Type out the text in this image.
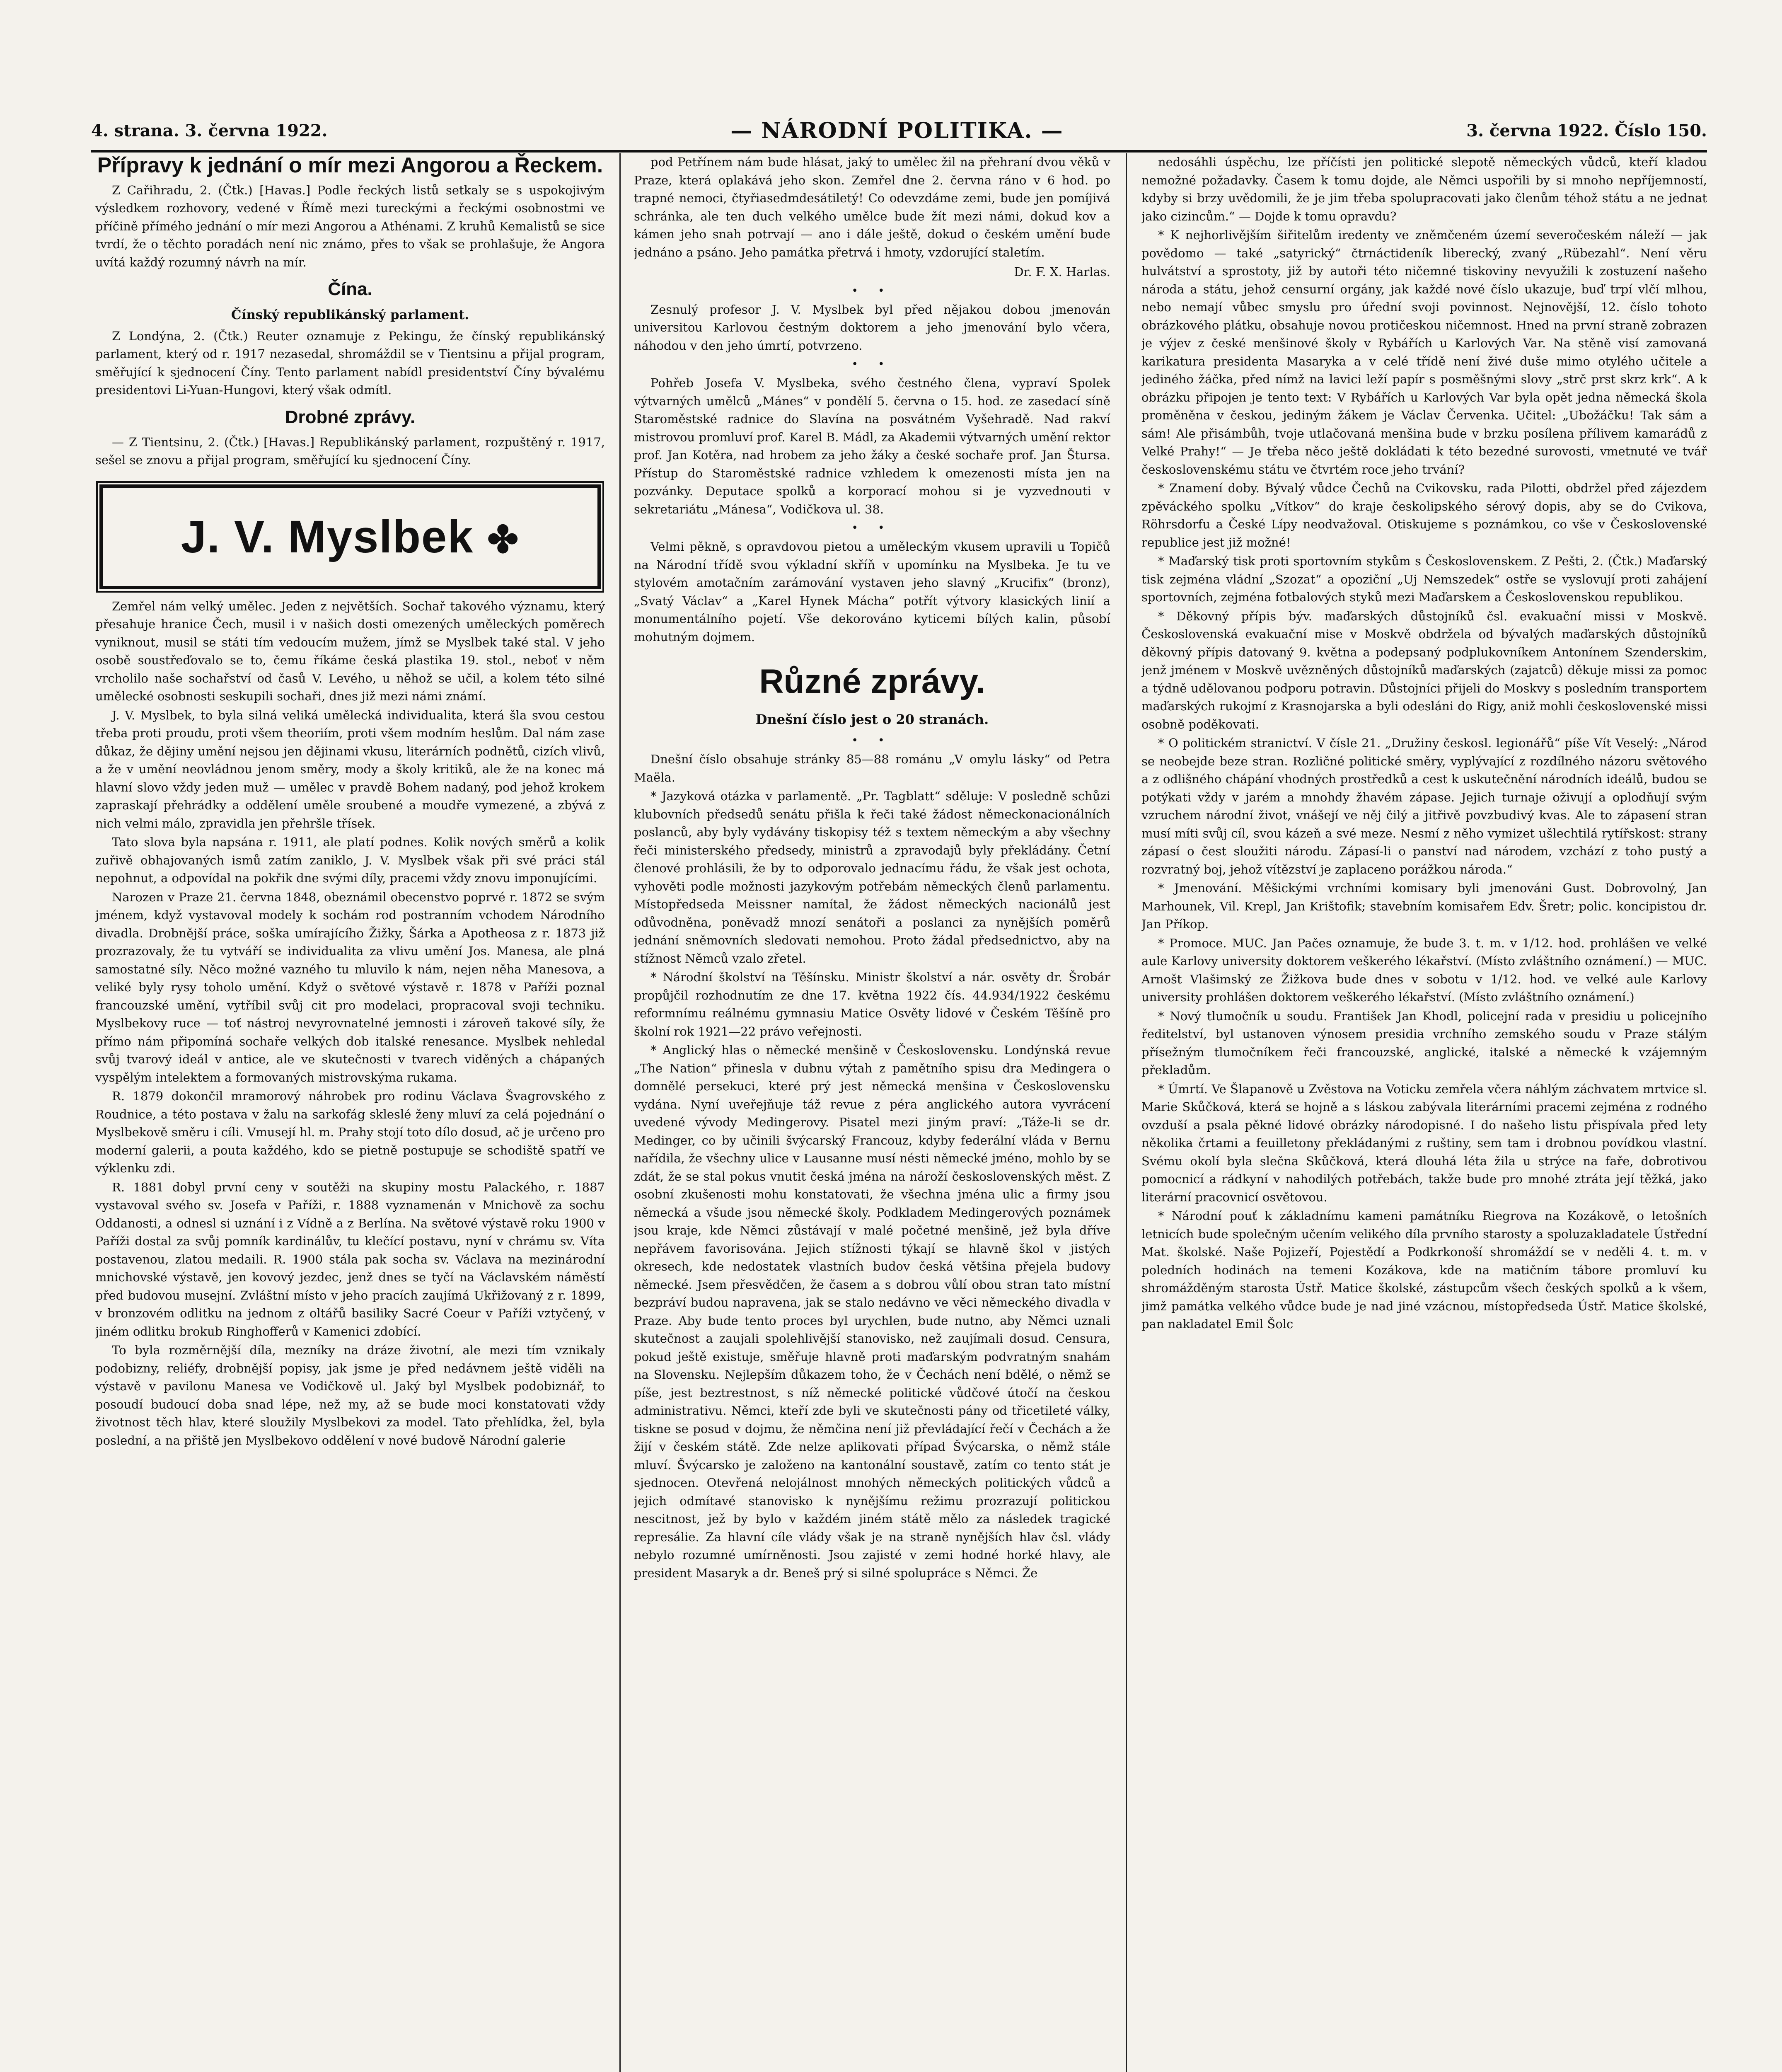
4. strana. 3. června 1922.	— NÁRODNÍ POLITIKA. —	3. června 1922. Číslo 150.
Přípravy k jednání o mír mezi Angorou a Řeckem.

Z Cařihradu, 2. (Čtk.) [Havas.] Podle řeckých listů setkaly se s uspokojivým výsledkem rozhovory, vedené v Římě mezi tureckými a řeckými osobnostmi ve příčině přímého jednání o mír mezi Angorou a Athénami. Z kruhů Kemalistů se sice tvrdí, že o těchto poradách není nic známo, přes to však se prohlašuje, že Angora uvítá každý rozumný návrh na mír.

Čína.
Čínský republikánský parlament.

Z Londýna, 2. (Čtk.) Reuter oznamuje z Pekingu, že čínský republikánský parlament, který od r. 1917 nezasedal, shromáždil se v Tientsinu a přijal program, směřující k sjednocení Číny. Tento parlament nabídl presidentství Číny bývalému presidentovi Li-Yuan-Hungovi, který však odmítl.

Drobné zprávy.

— Z Tientsinu, 2. (Čtk.) [Havas.] Republikánský parlament, rozpuštěný r. 1917, sešel se znovu a přijal program, směřující ku sjednocení Číny.

J. V. Myslbek ✤

Zemřel nám velký umělec. Jeden z největších. Sochař takového významu, který přesahuje hranice Čech, musil i v našich dosti omezených uměleckých poměrech vyniknout, musil se státi tím vedoucím mužem, jímž se Myslbek také stal. V jeho osobě soustřeďovalo se to, čemu říkáme česká plastika 19. stol., neboť v něm vrcholilo naše sochařství od časů V. Levého, u něhož se učil, a kolem této silné umělecké osobnosti seskupili sochaři, dnes již mezi námi známí.

J. V. Myslbek, to byla silná veliká umělecká individualita, která šla svou cestou třeba proti proudu, proti všem theoriím, proti všem modním heslům. Dal nám zase důkaz, že dějiny umění nejsou jen dějinami vkusu, literárních podnětů, cizích vlivů, a že v umění neovládnou jenom směry, mody a školy kritiků, ale že na konec má hlavní slovo vždy jeden muž — umělec v pravdě Bohem nadaný, pod jehož krokem zapraskají přehrádky a oddělení uměle sroubené a moudře vymezené, a zbývá z nich velmi málo, zpravidla jen přehršle třísek.

Tato slova byla napsána r. 1911, ale platí podnes. Kolik nových směrů a kolik zuřivě obhajovaných ismů zatím zaniklo, J. V. Myslbek však při své práci stál nepohnut, a odpovídal na pokřik dne svými díly, pracemi vždy znovu imponujícími.

Narozen v Praze 21. června 1848, obeznámil obecenstvo poprvé r. 1872 se svým jménem, když vystavoval modely k sochám rod postranním vchodem Národního divadla. Drobnější práce, soška umírajícího Žižky, Šárka a Apotheosa z r. 1873 již prozrazovaly, že tu vytváří se individualita za vlivu umění Jos. Manesa, ale plná samostatné síly. Něco možné vazného tu mluvilo k nám, nejen něha Manesova, a veliké byly rysy toholo umění. Když o světové výstavě r. 1878 v Paříži poznal francouzské umění, vytříbil svůj cit pro modelaci, propracoval svoji techniku. Myslbekovy ruce — toť nástroj nevyrovnatelné jemnosti i zároveň takové síly, že přímo nám připomíná sochaře velkých dob italské renesance. Myslbek nehledal svůj tvarový ideál v antice, ale ve skutečnosti v tvarech viděných a chápaných vyspělým intelektem a formovaných mistrovskýma rukama.

R. 1879 dokončil mramorový náhrobek pro rodinu Václava Švagrovského z Roudnice, a této postava v žalu na sarkofág skleslé ženy mluví za celá pojednání o Myslbekově směru i cíli. Vmusejí hl. m. Prahy stojí toto dílo dosud, ač je určeno pro moderní galerii, a pouta každého, kdo se pietně postupuje se schodiště spatří ve výklenku zdi.

R. 1881 dobyl první ceny v soutěži na skupiny mostu Palackého, r. 1887 vystavoval svého sv. Josefa v Paříži, r. 1888 vyznamenán v Mnichově za sochu Oddanosti, a odnesl si uznání i z Vídně a z Berlína. Na světové výstavě roku 1900 v Paříži dostal za svůj pomník kardinálův, tu klečící postavu, nyní v chrámu sv. Víta postavenou, zlatou medaili. R. 1900 stála pak socha sv. Václava na mezinárodní mnichovské výstavě, jen kovový jezdec, jenž dnes se tyčí na Václavském náměstí před budovou musejní. Zvláštní místo v jeho pracích zaujímá Ukřižovaný z r. 1899, v bronzovém odlitku na jednom z oltářů basiliky Sacré Coeur v Paříži vztyčený, v jiném odlitku brokub Ringhofferů v Kamenici zdobící.

To byla rozměrnější díla, mezníky na dráze životní, ale mezi tím vznikaly podobizny, reliéfy, drobnější popisy, jak jsme je před nedávnem ještě viděli na výstavě v pavilonu Manesa ve Vodičkově ul. Jaký byl Myslbek podobiznář, to posoudí budoucí doba snad lépe, než my, až se bude moci konstatovati vždy životnost těch hlav, které sloužily Myslbekovi za model. Tato přehlídka, žel, byla poslední, a na přiště jen Myslbekovo oddělení v nové budově Národní galerie

pod Petřínem nám bude hlásat, jaký to umělec žil na přehraní dvou věků v Praze, která oplakává jeho skon. Zemřel dne 2. června ráno v 6 hod. po trapné nemoci, čtyřiasedmdesátiletý! Co odevzdáme zemi, bude jen pomíjivá schránka, ale ten duch velkého umělce bude žít mezi námi, dokud kov a kámen jeho snah potrvají — ano i dále ještě, dokud o českém umění bude jednáno a psáno. Jeho památka přetrvá i hmoty, vzdorující staletím.

Dr. F. X. Harlas.
• •

Zesnulý profesor J. V. Myslbek byl před nějakou dobou jmenován universitou Karlovou čestným doktorem a jeho jmenování bylo včera, náhodou v den jeho úmrtí, potvrzeno.

• •

Pohřeb Josefa V. Myslbeka, svého čestného člena, vypraví Spolek výtvarných umělců „Mánes“ v pondělí 5. června o 15. hod. ze zasedací síně Staroměstské radnice do Slavína na posvátném Vyšehradě. Nad rakví mistrovou promluví prof. Karel B. Mádl, za Akademii výtvarných umění rektor prof. Jan Kotěra, nad hrobem za jeho žáky a české sochaře prof. Jan Štursa. Přístup do Staroměstské radnice vzhledem k omezenosti místa jen na pozvánky. Deputace spolků a korporací mohou si je vyzvednouti v sekretariátu „Mánesa“, Vodičkova ul. 38.

• •

Velmi pěkně, s opravdovou pietou a uměleckým vkusem upravili u Topičů na Národní třídě svou výkladní skříň v upomínku na Myslbeka. Je tu ve stylovém amotačním zarámování vystaven jeho slavný „Krucifix“ (bronz), „Svatý Václav“ a „Karel Hynek Mácha“ potřít výtvory klasických linií a monumentálního pojetí. Vše dekorováno kyticemi bílých kalin, působí mohutným dojmem.

Různé zprávy.
Dnešní číslo jest o 20 stranách.
• •

Dnešní číslo obsahuje stránky 85—88 románu „V omylu lásky“ od Petra Maëla.

* Jazyková otázka v parlamentě. „Pr. Tagblatt“ sděluje: V posledně schůzi klubovních předsedů senátu přišla k řeči také žádost německonacionálních poslanců, aby byly vydávány tiskopisy též s textem německým a aby všechny řeči ministerského předsedy, ministrů a zpravodajů byly překládány. Četní členové prohlásili, že by to odporovalo jednacímu řádu, že však jest ochota, vyhověti podle možnosti jazykovým potřebám německých členů parlamentu. Místopředseda Meissner namítal, že žádost německých nacionálů jest odůvodněna, poněvadž mnozí senátoři a poslanci za nynějších poměrů jednání sněmovních sledovati nemohou. Proto žádal předsednictvo, aby na stížnost Němců vzalo zřetel.

* Národní školství na Těšínsku. Ministr školství a nár. osvěty dr. Šrobár propůjčil rozhodnutím ze dne 17. května 1922 čís. 44.934/1922 českému reformnímu reálnému gymnasiu Matice Osvěty lidové v Českém Těšíně pro školní rok 1921—22 právo veřejnosti.

* Anglický hlas o německé menšině v Československu. Londýnská revue „The Nation“ přinesla v dubnu výtah z pamětního spisu dra Medingera o domnělé persekuci, které prý jest německá menšina v Československu vydána. Nyní uveřejňuje táž revue z péra anglického autora vyvrácení uvedené vývody Medingerovy. Pisatel mezi jiným praví: „Táže-li se dr. Medinger, co by učinili švýcarský Francouz, kdyby federální vláda v Bernu nařídila, že všechny ulice v Lausanne musí nésti německé jméno, mohlo by se zdát, že se stal pokus vnutit česká jména na nároží československých měst. Z osobní zkušenosti mohu konstatovati, že všechna jména ulic a firmy jsou německá a všude jsou německé školy. Podkladem Medingerových poznámek jsou kraje, kde Němci zůstávají v malé početné menšině, jež byla dříve nepřávem favorisována. Jejich stížnosti týkají se hlavně škol v jistých okresech, kde nedostatek vlastních budov česká většina přejela budovy německé. Jsem přesvědčen, že časem a s dobrou vůlí obou stran tato místní bezpráví budou napravena, jak se stalo nedávno ve věci německého divadla v Praze. Aby bude tento proces byl urychlen, bude nutno, aby Němci uznali skutečnost a zaujali spolehlivější stanovisko, než zaujímali dosud. Censura, pokud ještě existuje, směřuje hlavně proti maďarským podvratným snahám na Slovensku. Nejlepším důkazem toho, že v Čechách není bdělé, o němž se píše, jest beztrestnost, s níž německé politické vůdčové útočí na českou administrativu. Němci, kteří zde byli ve skutečnosti pány od třicetileté války, tiskne se posud v dojmu, že němčina není již převládající řečí v Čechách a že žijí v českém státě. Zde nelze aplikovati případ Švýcarska, o němž stále mluví. Švýcarsko je založeno na kantonální soustavě, zatím co tento stát je sjednocen. Otevřená nelojálnost mnohých německých politických vůdců a jejich odmítavé stanovisko k nynějšímu režimu prozrazují politickou nescitnost, jež by bylo v každém jiném státě mělo za následek tragické represálie. Za hlavní cíle vlády však je na straně nynějších hlav čsl. vlády nebylo rozumné umírněnosti. Jsou zajisté v zemi hodné horké hlavy, ale president Masaryk a dr. Beneš prý si silné spolupráce s Němci. Že

nedosáhli úspěchu, lze příčísti jen politické slepotě německých vůdců, kteří kladou nemožné požadavky. Časem k tomu dojde, ale Němci uspořili by si mnoho nepříjemností, kdyby si brzy uvědomili, že je jim třeba spolupracovati jako členům téhož státu a ne jednat jako cizincům.“ — Dojde k tomu opravdu?

* K nejhorlivějším šiřitelům iredenty ve zněmčeném území severočeském náleží — jak povědomo — také „satyrický“ čtrnáctideník liberecký, zvaný „Rübezahl“. Není věru hulvátství a sprostoty, již by autoři této ničemné tiskoviny nevyužili k zostuzení našeho národa a státu, jehož censurní orgány, jak každé nové číslo ukazuje, buď trpí vlčí mlhou, nebo nemají vůbec smyslu pro úřední svoji povinnost. Nejnovější, 12. číslo tohoto obrázkového plátku, obsahuje novou protičeskou ničemnost. Hned na první straně zobrazen je výjev z české menšinové školy v Rybářích u Karlových Var. Na stěně visí zamovaná karikatura presidenta Masaryka a v celé třídě není živé duše mimo otylého učitele a jediného žáčka, před nímž na lavici leží papír s posměšnými slovy „strč prst skrz krk“. A k obrázku připojen je tento text: V Rybářích u Karlových Var byla opět jedna německá škola proměněna v českou, jediným žákem je Václav Červenka. Učitel: „Ubožáčku! Tak sám a sám! Ale přisámbůh, tvoje utlačovaná menšina bude v brzku posílena přílivem kamarádů z Velké Prahy!“ — Je třeba něco ještě dokládati k této bezedné surovosti, vmetnuté ve tvář československému státu ve čtvrtém roce jeho trvání?

* Znamení doby. Bývalý vůdce Čechů na Cvikovsku, rada Pilotti, obdržel před zájezdem zpěváckého spolku „Vítkov“ do kraje českolipského sérový dopis, aby se do Cvikova, Röhrsdorfu a České Lípy neodvažoval. Otiskujeme s poznámkou, co vše v Československé republice jest již možné!

* Maďarský tisk proti sportovním stykům s Československem. Z Pešti, 2. (Čtk.) Maďarský tisk zejména vládní „Szozat“ a opoziční „Uj Nemszedek“ ostře se vyslovují proti zahájení sportovních, zejména fotbalových styků mezi Maďarskem a Československou republikou.

* Děkovný přípis býv. maďarských důstojníků čsl. evakuační missi v Moskvě. Československá evakuační mise v Moskvě obdržela od bývalých maďarských důstojníků děkovný přípis datovaný 9. května a podepsaný podplukovníkem Antonínem Szenderskim, jenž jménem v Moskvě uvězněných důstojníků maďarských (zajatců) děkuje missi za pomoc a týdně udělovanou podporu potravin. Důstojníci přijeli do Moskvy s posledním transportem maďarských rukojmí z Krasnojarska a byli odesláni do Rigy, aniž mohli československé missi osobně poděkovati.

* O politickém stranictví. V čísle 21. „Družiny českosl. legionářů“ píše Vít Veselý: „Národ se neobejde beze stran. Rozličné politické směry, vyplývající z rozdílného názoru světového a z odlišného chápání vhodných prostředků a cest k uskutečnění národních ideálů, budou se potýkati vždy v jarém a mnohdy žhavém zápase. Jejich turnaje oživují a oplodňují svým vzruchem národní život, vnášejí ve něj čilý a jitřivě povzbudivý kvas. Ale to zápasení stran musí míti svůj cíl, svou kázeň a své meze. Nesmí z něho vymizet ušlechtilá rytířskost: strany zápasí o čest sloužiti národu. Zápasí-li o panství nad národem, vzchází z toho pustý a rozvratný boj, jehož vítězství je zaplaceno porážkou národa.“

* Jmenování. Měšickými vrchními komisary byli jmenováni Gust. Dobrovolný, Jan Marhounek, Vil. Krepl, Jan Krištofik; stavebním komisařem Edv. Šretr; polic. koncipistou dr. Jan Příkop.

* Promoce. MUC. Jan Pačes oznamuje, že bude 3. t. m. v 1/12. hod. prohlášen ve velké aule Karlovy university doktorem veškerého lékařství. (Místo zvláštního oznámení.) — MUC. Arnošt Vlašimský ze Žižkova bude dnes v sobotu v 1/12. hod. ve velké aule Karlovy university prohlášen doktorem veškerého lékařství. (Místo zvláštního oznámení.)

* Nový tlumočník u soudu. František Jan Khodl, policejní rada v presidiu u policejního ředitelství, byl ustanoven výnosem presidia vrchního zemského soudu v Praze stálým přísežným tlumočníkem řeči francouzské, anglické, italské a německé k vzájemným překladům.

* Úmrtí. Ve Šlapanově u Zvěstova na Voticku zemřela včera náhlým záchvatem mrtvice sl. Marie Skůčková, která se hojně a s láskou zabývala literárními pracemi zejména z rodného ovzduší a psala pěkné lidové obrázky národopisné. I do našeho listu přispívala před lety několika črtami a feuilletony překládanými z ruštiny, sem tam i drobnou povídkou vlastní. Svému okolí byla slečna Skůčková, která dlouhá léta žila u strýce na faře, dobrotivou pomocnicí a rádkyní v nahodilých potřebách, takže bude pro mnohé ztráta její těžká, jako literární pracovnicí osvětovou.

* Národní pouť k základnímu kameni památníku Riegrova na Kozákově, o letošních letnicích bude společným učením velikého díla prvního starosty a spoluzakladatele Ústřední Mat. školské. Naše Pojizeří, Pojestědí a Podkrkonoší shromáždí se v neděli 4. t. m. v poledních hodinách na temeni Kozákova, kde na matičním tábore promluví ku shromážděným starosta Ústř. Matice školské, zástupcům všech českých spolků a k všem, jimž památka velkého vůdce bude je nad jiné vzácnou, místopředseda Ústř. Matice školské, pan nakladatel Emil Šolc
